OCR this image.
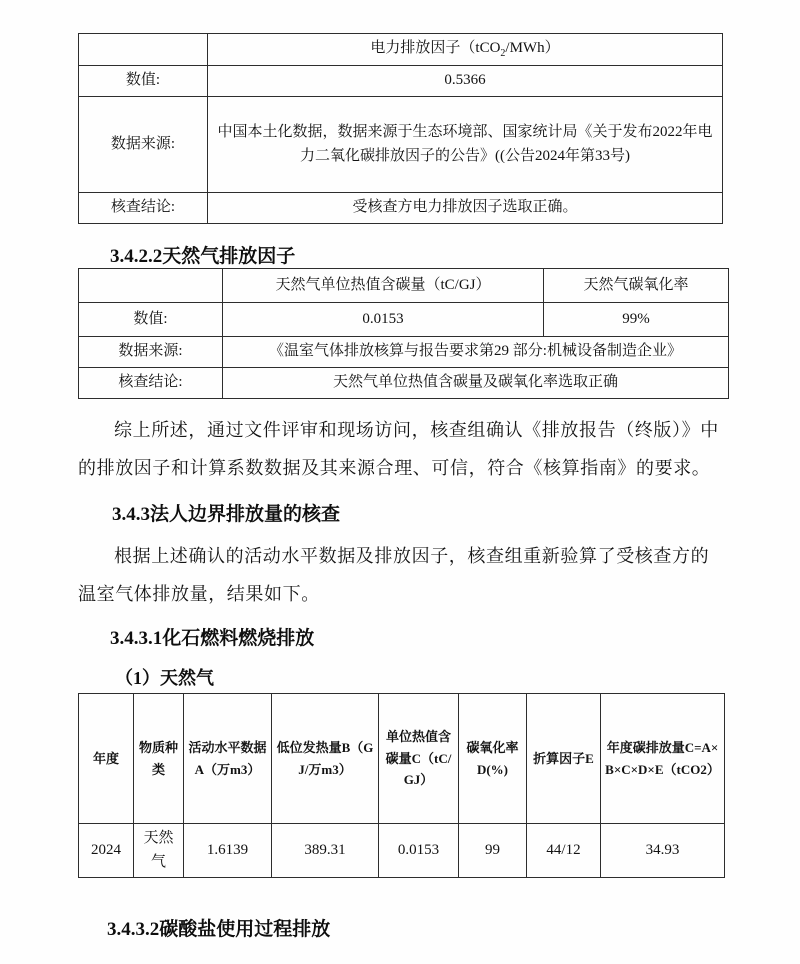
	电力排放因子（tCO$_2$/MWh）
数值:	0.5366
数据来源:	中国本土化数据，数据来源于生态环境部、国家统计局《关于发布2022年电力二氧化碳排放因子的公告》((公告2024年第33号)
核查结论:	受核查方电力排放因子选取正确。
3.4.2.2天然气排放因子
	天然气单位热值含碳量（tC/GJ）	天然气碳氧化率
数值:	0.0153	99%
数据来源:	《温室气体排放核算与报告要求第29 部分:机械设备制造企业》	
核查结论:	天然气单位热值含碳量及碳氧化率选取正确	
综上所述，通过文件评审和现场访问，核查组确认《排放报告（终版）》中
的排放因子和计算系数数据及其来源合理、可信，符合《核算指南》的要求。
3.4.3法人边界排放量的核查
根据上述确认的活动水平数据及排放因子，核查组重新验算了受核查方的
温室气体排放量，结果如下。
3.4.3.1化石燃料燃烧排放
（1）天然气
年度	物质种类	活动水平数据A（万m3）	低位发热量B（GJ/万m3）	单位热值含碳量C（tC/GJ）	碳氧化率D(%)	折算因子E	年度碳排放量C=A×B×C×D×E（tCO2）
2024	天然气	1.6139	389.31	0.0153	99	44/12	34.93
3.4.3.2碳酸盐使用过程排放
